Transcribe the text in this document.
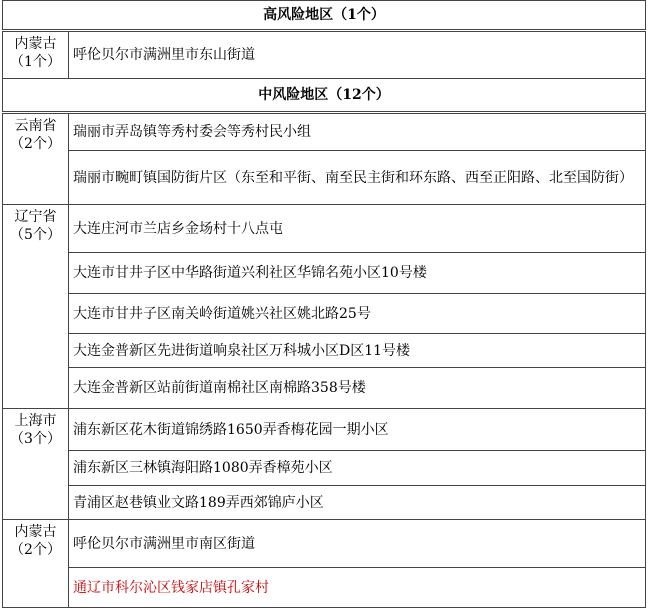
高风险地区（1个）	

内蒙古
（1个）	呼伦贝尔市满洲里市东山街道
中风险地区（12个）	

云南省
（2个）	瑞丽市弄岛镇等秀村委会等秀村民小组
	瑞丽市畹町镇国防街片区（东至和平街、南至民主街和环东路、西至正阳路、北至国防街）

辽宁省
（5个）	大连庄河市兰店乡金场村十八点屯
	大连市甘井子区中华路街道兴利社区华锦名苑小区10号楼
	大连市甘井子区南关岭街道姚兴社区姚北路25号
	大连金普新区先进街道响泉社区万科城小区D区11号楼
	大连金普新区站前街道南棉社区南棉路358号楼

上海市
（3个）	浦东新区花木街道锦绣路1650弄香梅花园一期小区
	浦东新区三林镇海阳路1080弄香樟苑小区
	青浦区赵巷镇业文路189弄西郊锦庐小区

内蒙古
（2个）	呼伦贝尔市满洲里市南区街道
	通辽市科尔沁区钱家店镇孔家村
